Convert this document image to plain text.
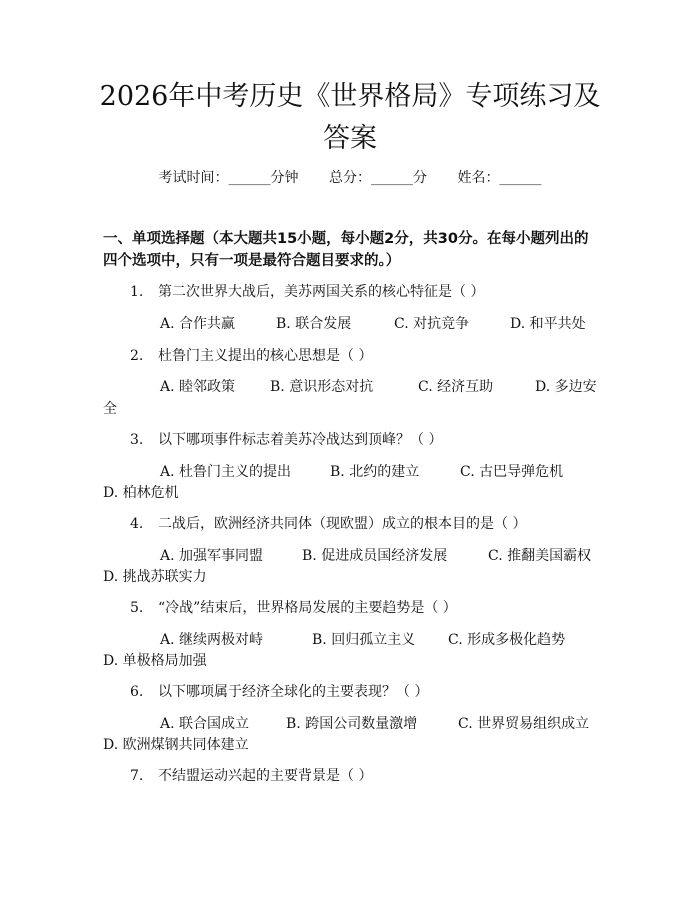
2026年中考历史《世界格局》专项练习及答案
考试时间：______分钟 总分：______分 姓名：______
一、单项选择题（本大题共15小题，每小题2分，共30分。在每小题列出的四个选项中，只有一项是最符合题目要求的。）
1. 第二次世界大战后，美苏两国关系的核心特征是（ ）
A. 合作共赢	B. 联合发展	C. 对抗竞争	D. 和平共处
2. 杜鲁门主义提出的核心思想是（ ）
A. 睦邻政策 B. 意识形态对抗	C. 经济互助	D. 多边安
全
3. 以下哪项事件标志着美苏冷战达到顶峰？（ ）
A. 杜鲁门主义的提出	B. 北约的建立	C. 古巴导弹危机
D. 柏林危机
4. 二战后，欧洲经济共同体（现欧盟）成立的根本目的是（ ）
A. 加强军事同盟	B. 促进成员国经济发展	C. 推翻美国霸权
D. 挑战苏联实力
5. “冷战”结束后，世界格局发展的主要趋势是（ ）
A. 继续两极对峙	B. 回归孤立主义 C. 形成多极化趋势
D. 单极格局加强
6. 以下哪项属于经济全球化的主要表现？（ ）
A. 联合国成立	B. 跨国公司数量激增	C. 世界贸易组织成立
D. 欧洲煤钢共同体建立
7. 不结盟运动兴起的主要背景是（ ）
